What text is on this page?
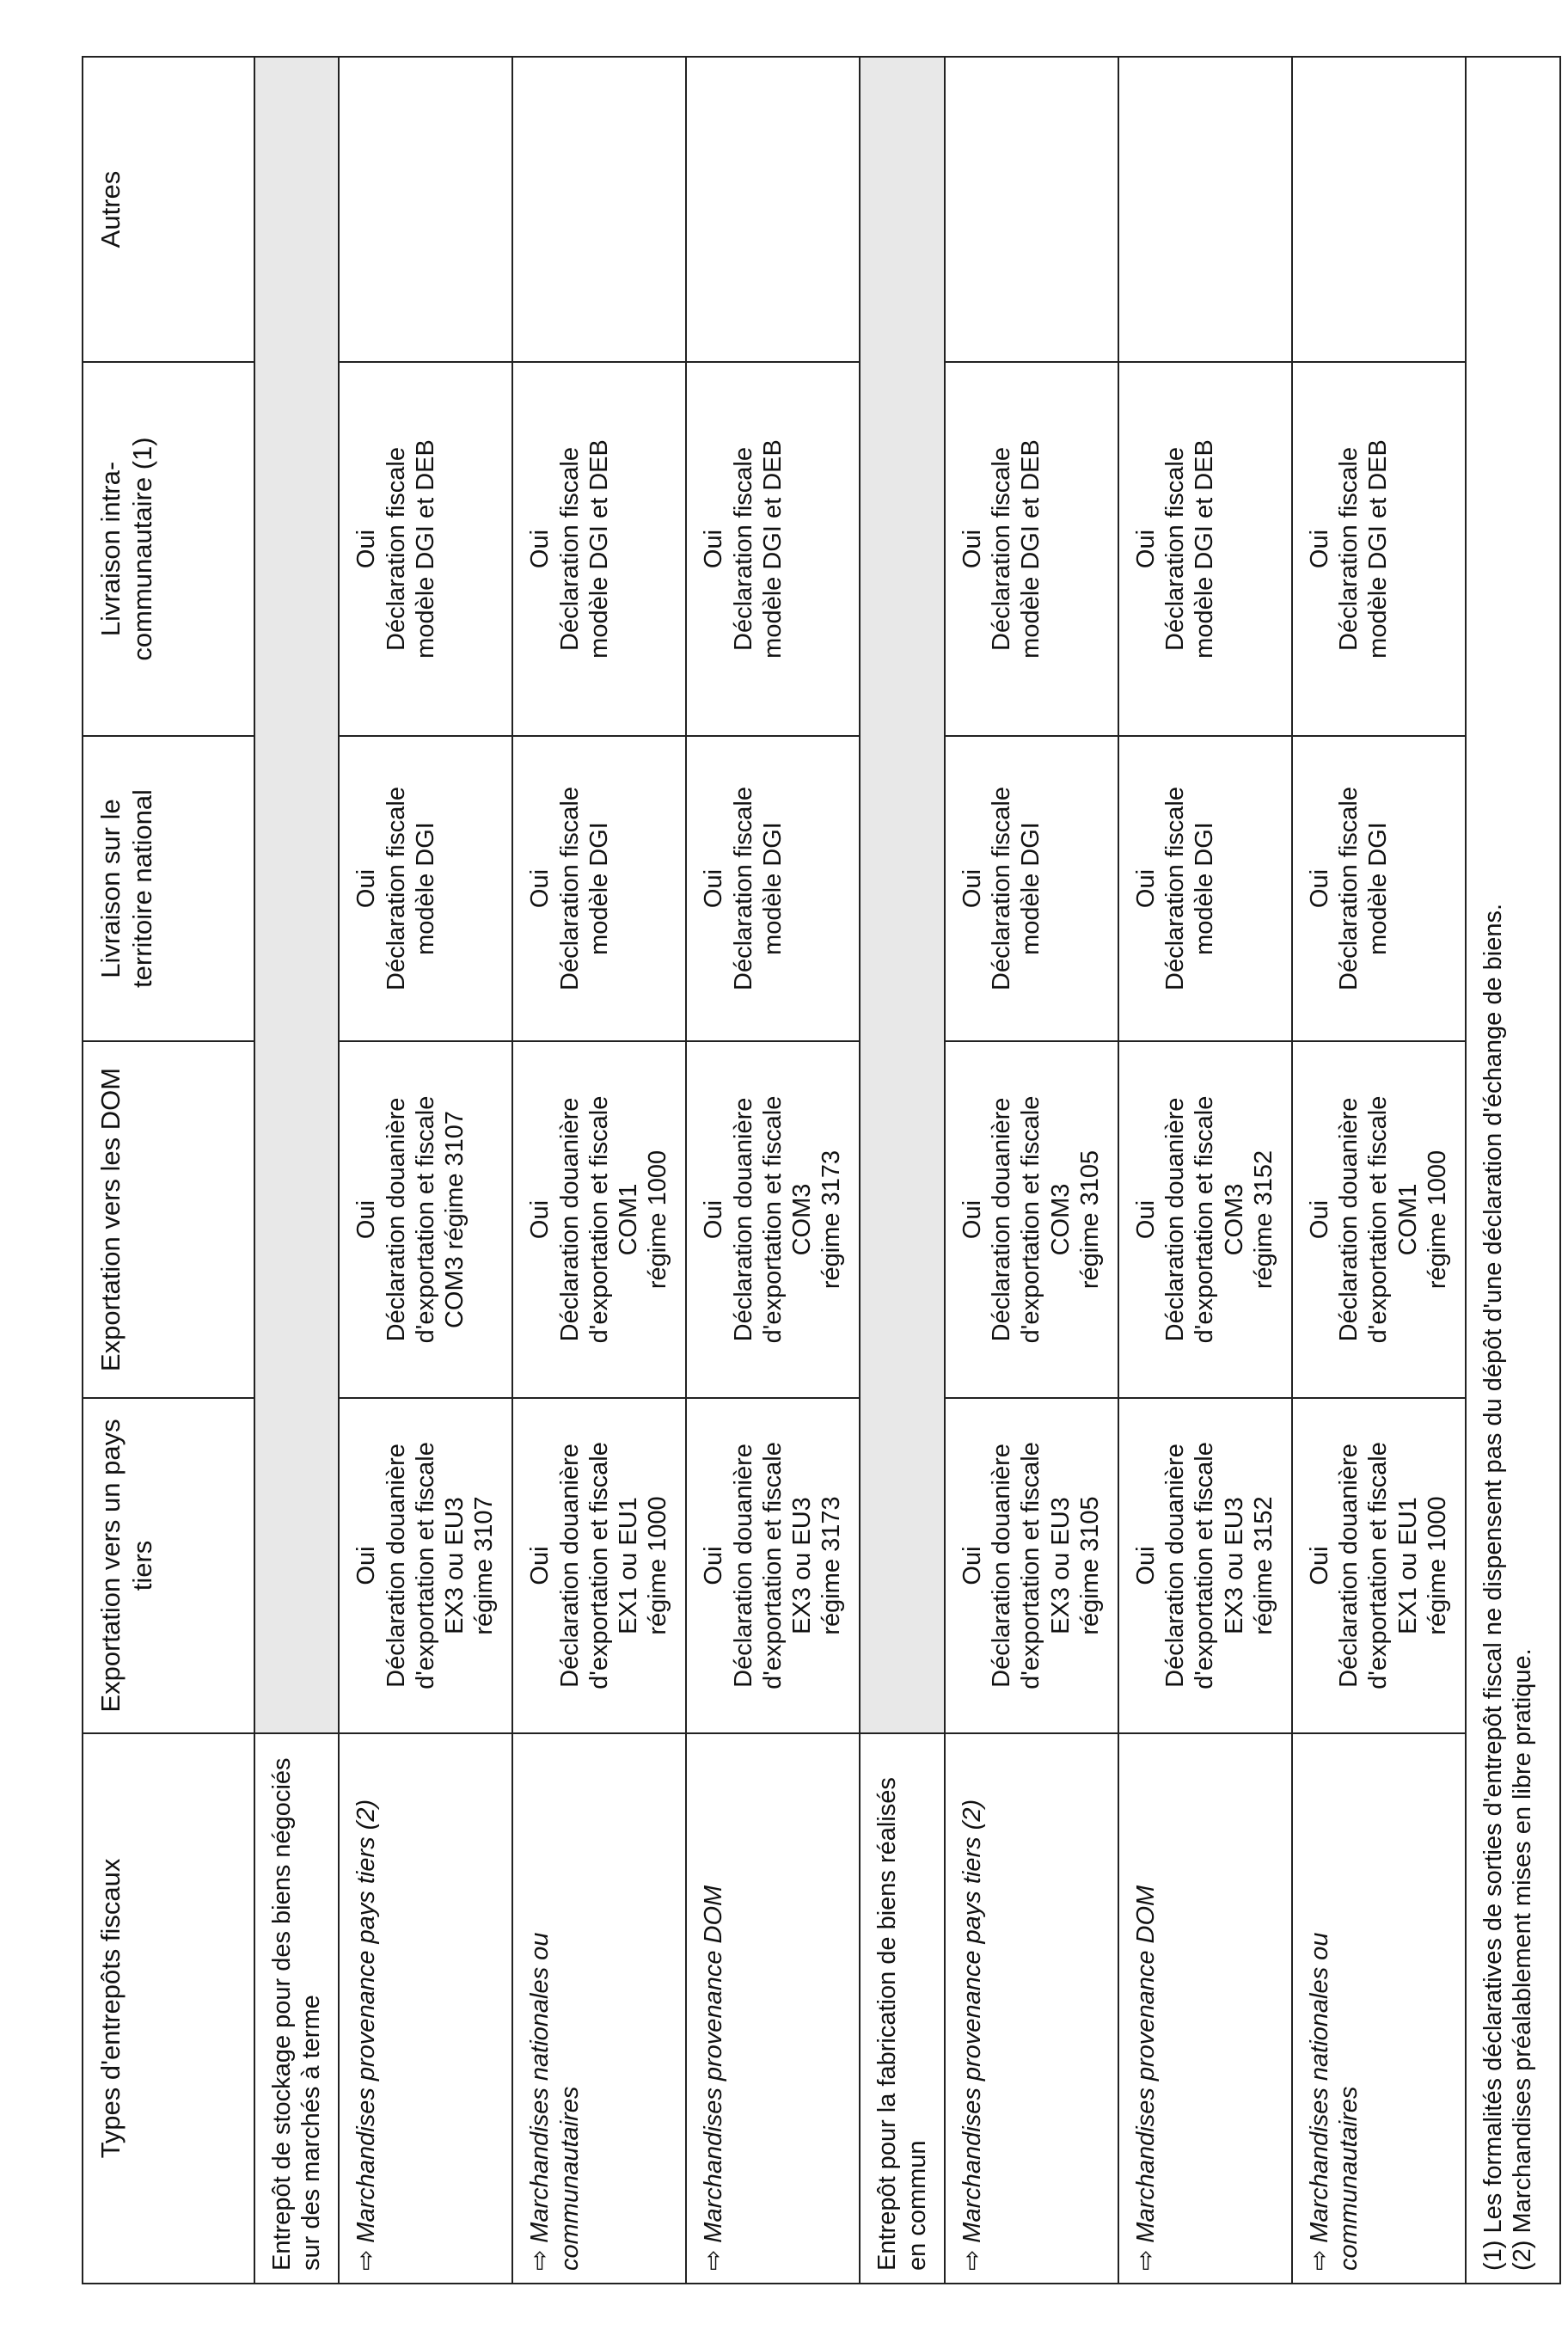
Types d'entrepôts fiscaux	Exportation vers un pays tiers	Exportation vers les DOM	Livraison sur le territoire national	Livraison intra-communautaire (1)	Autres
Entrepôt de stockage pour des biens négociés sur des marchés à terme					
⇨Marchandises provenance pays tiers (2)	Oui Déclaration douanière d'exportation et fiscale EX3 ou EU3 régime 3107	Oui Déclaration douanière d'exportation et fiscale COM3 régime 3107	Oui Déclaration fiscale modèle DGI	Oui Déclaration fiscale modèle DGI et DEB	

⇨Marchandises nationales ou communautaires	Oui Déclaration douanière d'exportation et fiscale EX1 ou EU1 régime 1000	Oui Déclaration douanière d'exportation et fiscale COM1 régime 1000	Oui Déclaration fiscale modèle DGI	Oui Déclaration fiscale modèle DGI et DEB	

⇨Marchandises provenance DOM	Oui Déclaration douanière d'exportation et fiscale EX3 ou EU3 régime 3173	Oui Déclaration douanière d'exportation et fiscale COM3 régime 3173	Oui Déclaration fiscale modèle DGI	Oui Déclaration fiscale modèle DGI et DEB	

Entrepôt pour la fabrication de biens réalisés en commun					
⇨Marchandises provenance pays tiers (2)	Oui Déclaration douanière d'exportation et fiscale EX3 ou EU3 régime 3105	Oui Déclaration douanière d'exportation et fiscale COM3 régime 3105	Oui Déclaration fiscale modèle DGI	Oui Déclaration fiscale modèle DGI et DEB	

⇨Marchandises provenance DOM	Oui Déclaration douanière d'exportation et fiscale EX3 ou EU3 régime 3152	Oui Déclaration douanière d'exportation et fiscale COM3 régime 3152	Oui Déclaration fiscale modèle DGI	Oui Déclaration fiscale modèle DGI et DEB	

⇨Marchandises nationales ou communautaires	Oui Déclaration douanière d'exportation et fiscale EX1 ou EU1 régime 1000	Oui Déclaration douanière d'exportation et fiscale COM1 régime 1000	Oui Déclaration fiscale modèle DGI	Oui Déclaration fiscale modèle DGI et DEB	

(1) Les formalités déclaratives de sorties d'entrepôt fiscal ne dispensent pas du dépôt d'une déclaration d'échange de biens. (2) Marchandises préalablement mises en libre pratique.					
